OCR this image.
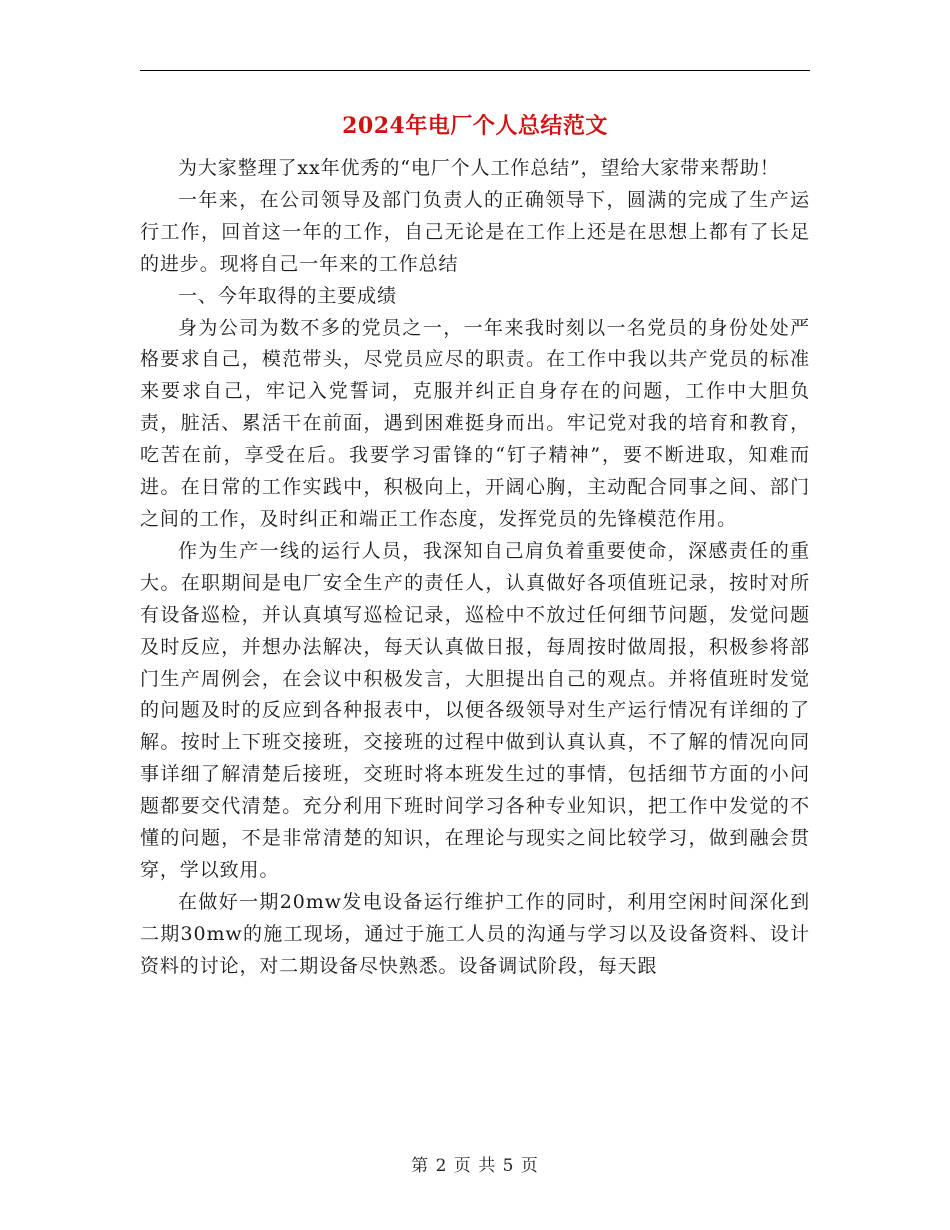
2024年电厂个人总结范文

为大家整理了xx年优秀的“电厂个人工作总结”，望给大家带来帮助！

一年来，在公司领导及部门负责人的正确领导下，圆满的完成了生产运行工作，回首这一年的工作，自己无论是在工作上还是在思想上都有了长足的进步。现将自己一年来的工作总结

一、今年取得的主要成绩

身为公司为数不多的党员之一，一年来我时刻以一名党员的身份处处严格要求自己，模范带头，尽党员应尽的职责。在工作中我以共产党员的标准来要求自己，牢记入党誓词，克服并纠正自身存在的问题，工作中大胆负责，脏活、累活干在前面，遇到困难挺身而出。牢记党对我的培育和教育，吃苦在前，享受在后。我要学习雷锋的“钉子精神”，要不断进取，知难而进。在日常的工作实践中，积极向上，开阔心胸，主动配合同事之间、部门之间的工作，及时纠正和端正工作态度，发挥党员的先锋模范作用。

作为生产一线的运行人员，我深知自己肩负着重要使命，深感责任的重大。在职期间是电厂安全生产的责任人，认真做好各项值班记录，按时对所有设备巡检，并认真填写巡检记录，巡检中不放过任何细节问题，发觉问题及时反应，并想办法解决，每天认真做日报，每周按时做周报，积极参将部门生产周例会，在会议中积极发言，大胆提出自己的观点。并将值班时发觉的问题及时的反应到各种报表中，以便各级领导对生产运行情况有详细的了解。按时上下班交接班，交接班的过程中做到认真认真，不了解的情况向同事详细了解清楚后接班，交班时将本班发生过的事情，包括细节方面的小问题都要交代清楚。充分利用下班时间学习各种专业知识，把工作中发觉的不懂的问题，不是非常清楚的知识，在理论与现实之间比较学习，做到融会贯穿，学以致用。

在做好一期20mw发电设备运行维护工作的同时，利用空闲时间深化到二期30mw的施工现场，通过于施工人员的沟通与学习以及设备资料、设计资料的讨论，对二期设备尽快熟悉。设备调试阶段，每天跟

第 2 页 共 5 页
